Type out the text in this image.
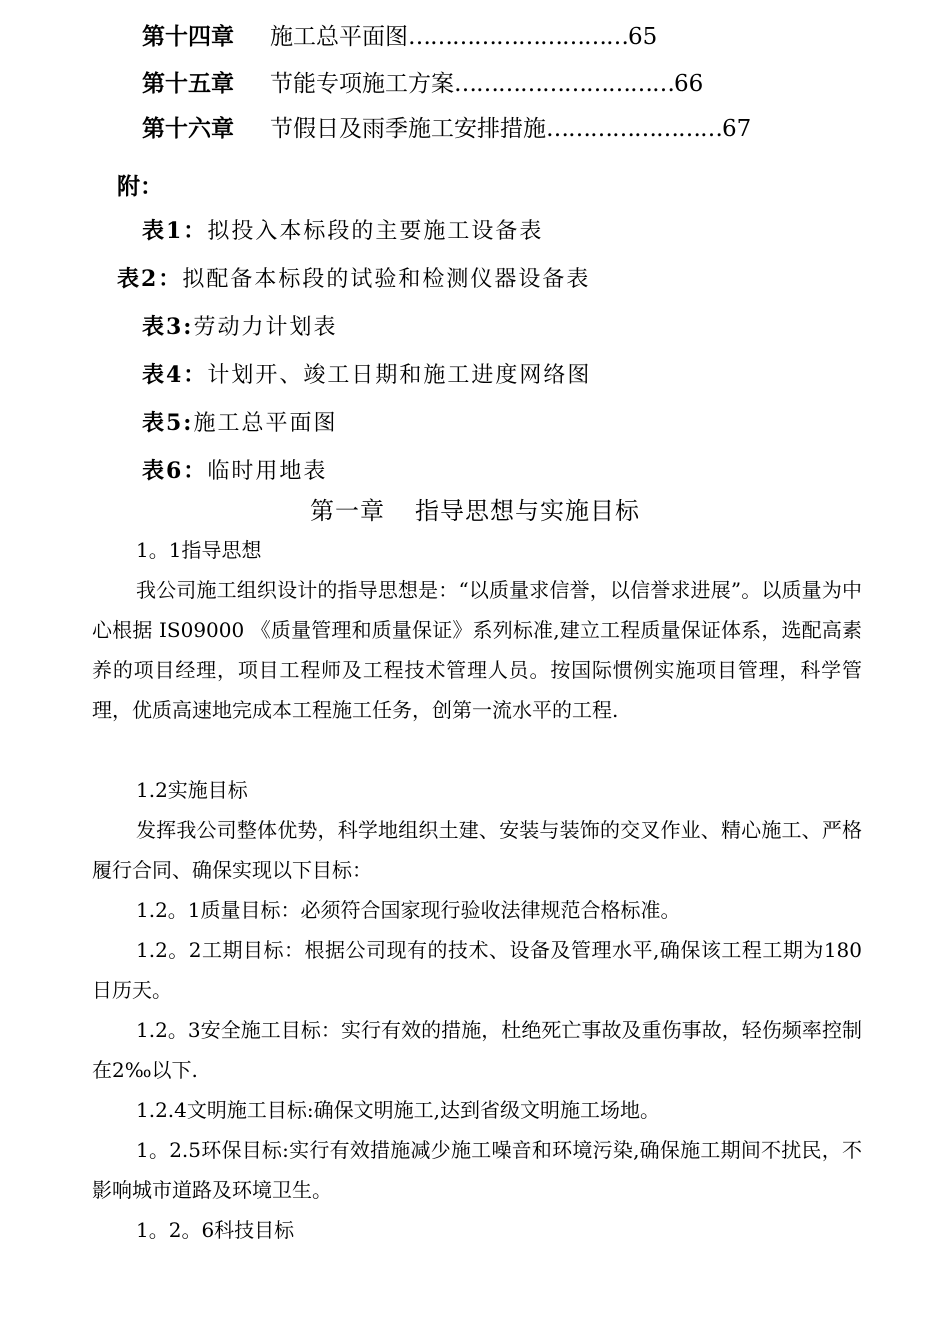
第十四章 施工总平面图…………………………65
第十五章 节能专项施工方案…………………………66
第十六章 节假日及雨季施工安排措施……………………67
附：
表1：拟投入本标段的主要施工设备表
表2：拟配备本标段的试验和检测仪器设备表
表3:劳动力计划表
表4：计划开、竣工日期和施工进度网络图
表5:施工总平面图
表6：临时用地表
第一章 指导思想与实施目标
1。1指导思想
我公司施工组织设计的指导思想是：“以质量求信誉，以信誉求进展”。以质量为中心根据 IS09000 《质量管理和质量保证》系列标准,建立工程质量保证体系，选配高素养的项目经理，项目工程师及工程技术管理人员。按国际惯例实施项目管理，科学管理，优质高速地完成本工程施工任务，创第一流水平的工程.
1.2实施目标
发挥我公司整体优势，科学地组织土建、安装与装饰的交叉作业、精心施工、严格履行合同、确保实现以下目标：
1.2。1质量目标：必须符合国家现行验收法律规范合格标准。
1.2。2工期目标：根据公司现有的技术、设备及管理水平,确保该工程工期为180日历天。
1.2。3安全施工目标：实行有效的措施，杜绝死亡事故及重伤事故，轻伤频率控制在2‰以下.
1.2.4文明施工目标:确保文明施工,达到省级文明施工场地。
1。2.5环保目标:实行有效措施减少施工噪音和环境污染,确保施工期间不扰民，不影响城市道路及环境卫生。
1。2。6科技目标
